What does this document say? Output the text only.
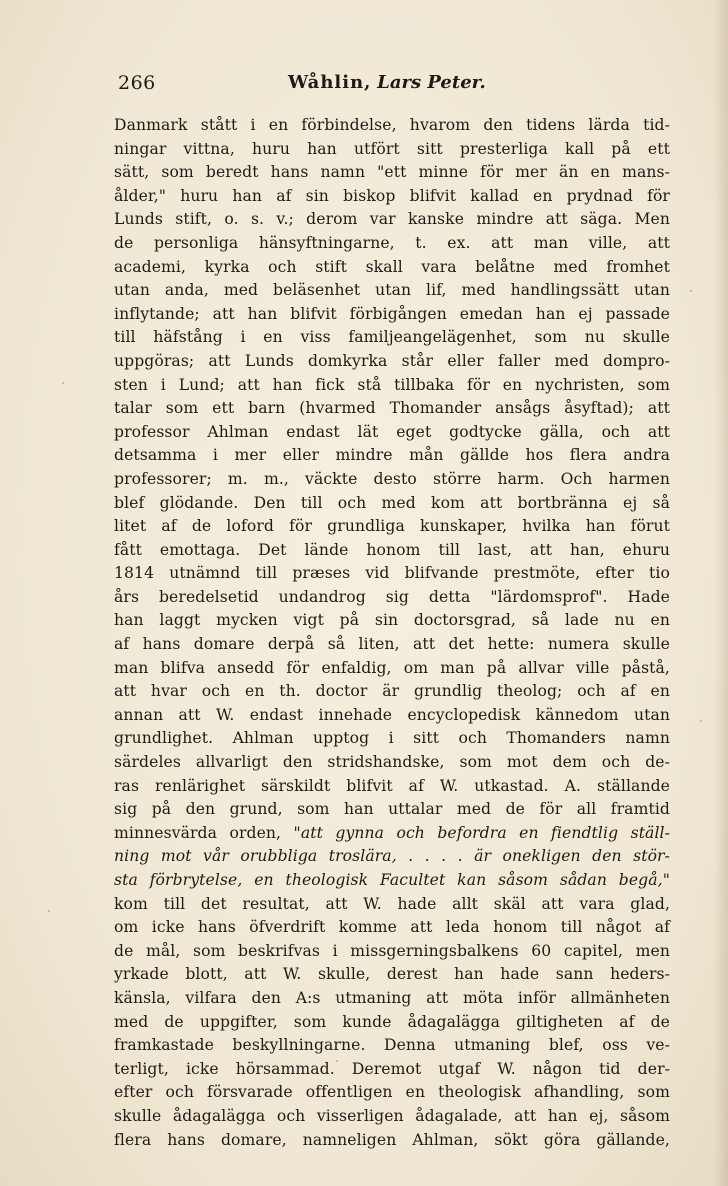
266	Wåhlin, Lars Peter.
Danmark stått i en förbindelse, hvarom den tidens lärda tid-
ningar vittna, huru han utfört sitt presterliga kall på ett
sätt, som beredt hans namn "ett minne för mer än en mans-
ålder," huru han af sin biskop blifvit kallad en prydnad för
Lunds stift, o. s. v.; derom var kanske mindre att säga. Men
de personliga hänsyftningarne, t. ex. att man ville, att
academi, kyrka och stift skall vara belåtne med fromhet
utan anda, med beläsenhet utan lif, med handlingssätt utan
inflytande; att han blifvit förbigången emedan han ej passade
till häfstång i en viss familjeangelägenhet, som nu skulle
uppgöras; att Lunds domkyrka står eller faller med dompro-
sten i Lund; att han fick stå tillbaka för en nychristen, som
talar som ett barn (hvarmed Thomander ansågs åsyftad); att
professor Ahlman endast lät eget godtycke gälla, och att
detsamma i mer eller mindre mån gällde hos flera andra
professorer; m. m., väckte desto större harm. Och harmen
blef glödande. Den till och med kom att bortbränna ej så
litet af de loford för grundliga kunskaper, hvilka han förut
fått emottaga. Det lände honom till last, att han, ehuru
1814 utnämnd till præses vid blifvande prestmöte, efter tio
års beredelsetid undandrog sig detta "lärdomsprof". Hade
han laggt mycken vigt på sin doctorsgrad, så lade nu en
af hans domare derpå så liten, att det hette: numera skulle
man blifva ansedd för enfaldig, om man på allvar ville påstå,
att hvar och en th. doctor är grundlig theolog; och af en
annan att W. endast innehade encyclopedisk kännedom utan
grundlighet. Ahlman upptog i sitt och Thomanders namn
särdeles allvarligt den stridshandske, som mot dem och de-
ras renlärighet särskildt blifvit af W. utkastad. A. ställande
sig på den grund, som han uttalar med de för all framtid
minnesvärda orden, "att gynna och befordra en fiendtlig ställ-
ning mot vår orubbliga troslära, . . . . är onekligen den stör-
sta förbrytelse, en theologisk Facultet kan såsom sådan begå,"
kom till det resultat, att W. hade allt skäl att vara glad,
om icke hans öfverdrift komme att leda honom till något af
de mål, som beskrifvas i missgerningsbalkens 60 capitel, men
yrkade blott, att W. skulle, derest han hade sann heders-
känsla, vilfara den A:s utmaning att möta inför allmänheten
med de uppgifter, som kunde ådagalägga giltigheten af de
framkastade beskyllningarne. Denna utmaning blef, oss ve-
terligt, icke hörsammad. Deremot utgaf W. någon tid der-
efter och försvarade offentligen en theologisk afhandling, som
skulle ådagalägga och visserligen ådagalade, att han ej, såsom
flera hans domare, namneligen Ahlman, sökt göra gällande,
